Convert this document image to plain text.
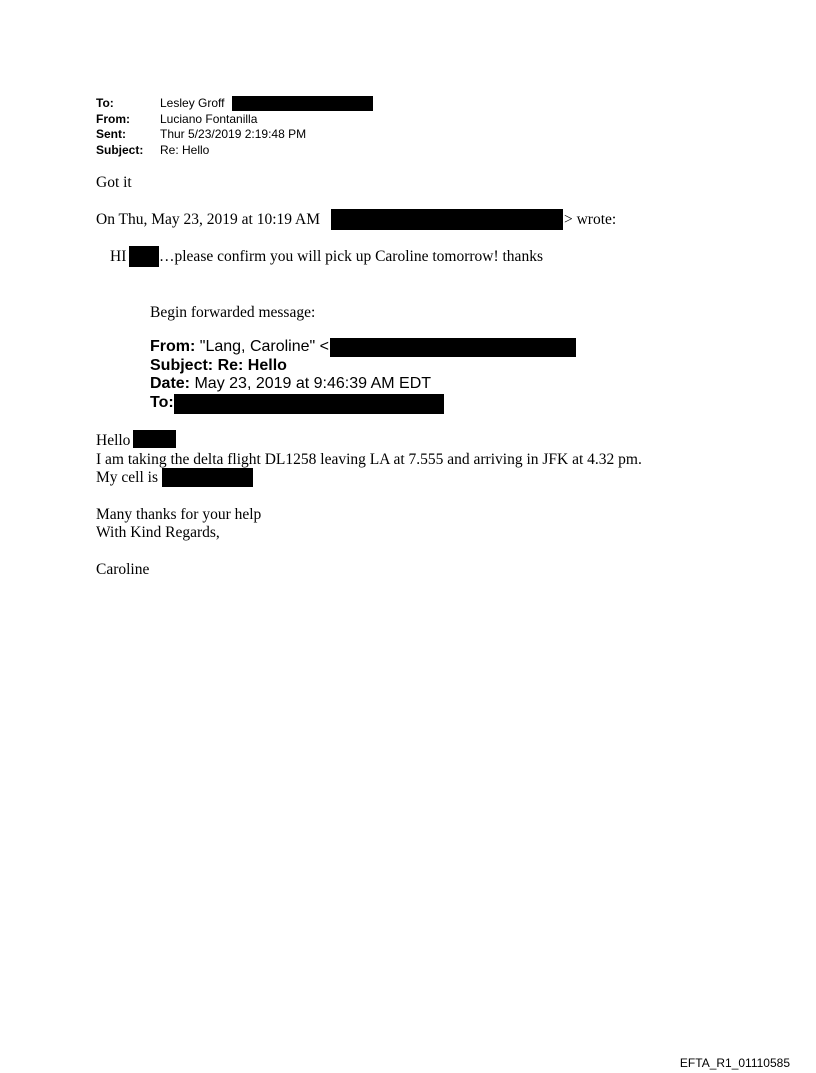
To:	Lesley Groff
From:	Luciano Fontanilla
Sent:	Thur 5/23/2019 2:19:48 PM
Subject:	Re: Hello
Got it
On Thu, May 23, 2019 at 10:19 AM	> wrote:
HI …please confirm you will pick up Caroline tomorrow! thanks
Begin forwarded message:
From: "Lang, Caroline" <
Subject: Re: Hello
Date: May 23, 2019 at 9:46:39 AM EDT
To:
Hello
I am taking the delta flight DL1258 leaving LA at 7.555 and arriving in JFK at 4.32 pm.
My cell is
Many thanks for your help
With Kind Regards,
Caroline
EFTA_R1_01110585
